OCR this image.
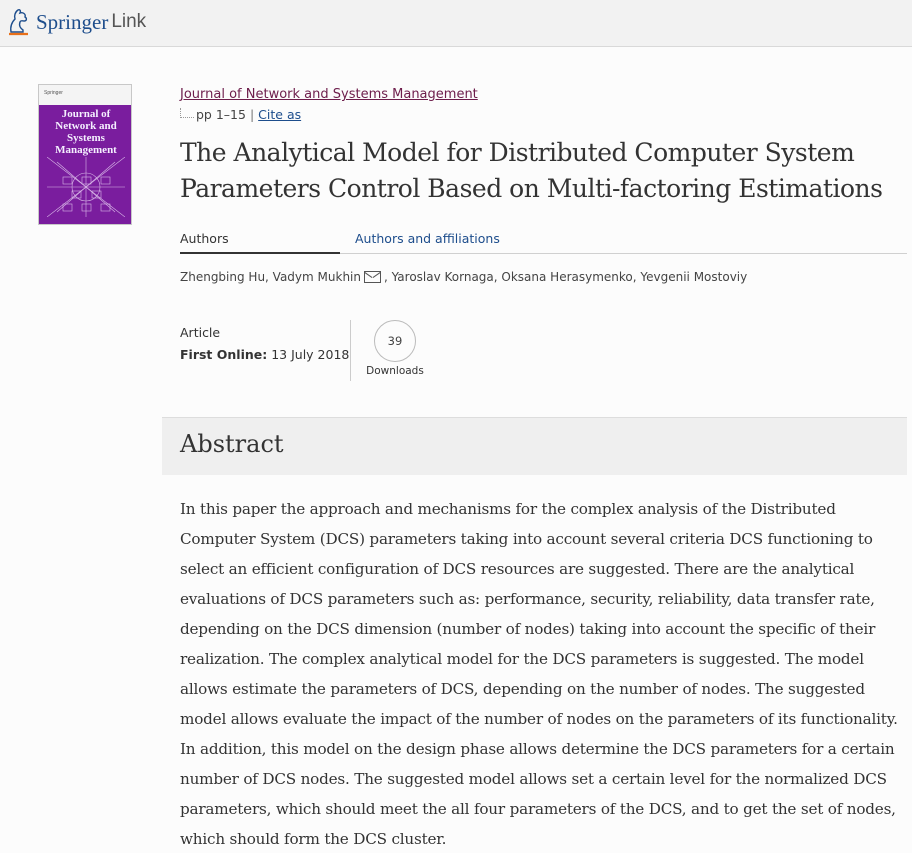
Springer Link
Springer
Journal of Network and Systems Management
Journal of Network and Systems Management
pp 1–15 | Cite as
The Analytical Model for Distributed Computer System Parameters Control Based on Multi-factoring Estimations
Authors	Authors and affiliations
Zhengbing Hu, Vadym Mukhin , Yaroslav Kornaga, Oksana Herasymenko, Yevgenii Mostoviy
Article
First Online: 13 July 2018
39
Downloads
Abstract
In this paper the approach and mechanisms for the complex analysis of the Distributed
Computer System (DCS) parameters taking into account several criteria DCS functioning to
select an efficient configuration of DCS resources are suggested. There are the analytical
evaluations of DCS parameters such as: performance, security, reliability, data transfer rate,
depending on the DCS dimension (number of nodes) taking into account the specific of their
realization. The complex analytical model for the DCS parameters is suggested. The model
allows estimate the parameters of DCS, depending on the number of nodes. The suggested
model allows evaluate the impact of the number of nodes on the parameters of its functionality.
In addition, this model on the design phase allows determine the DCS parameters for a certain
number of DCS nodes. The suggested model allows set a certain level for the normalized DCS
parameters, which should meet the all four parameters of the DCS, and to get the set of nodes,
which should form the DCS cluster.
